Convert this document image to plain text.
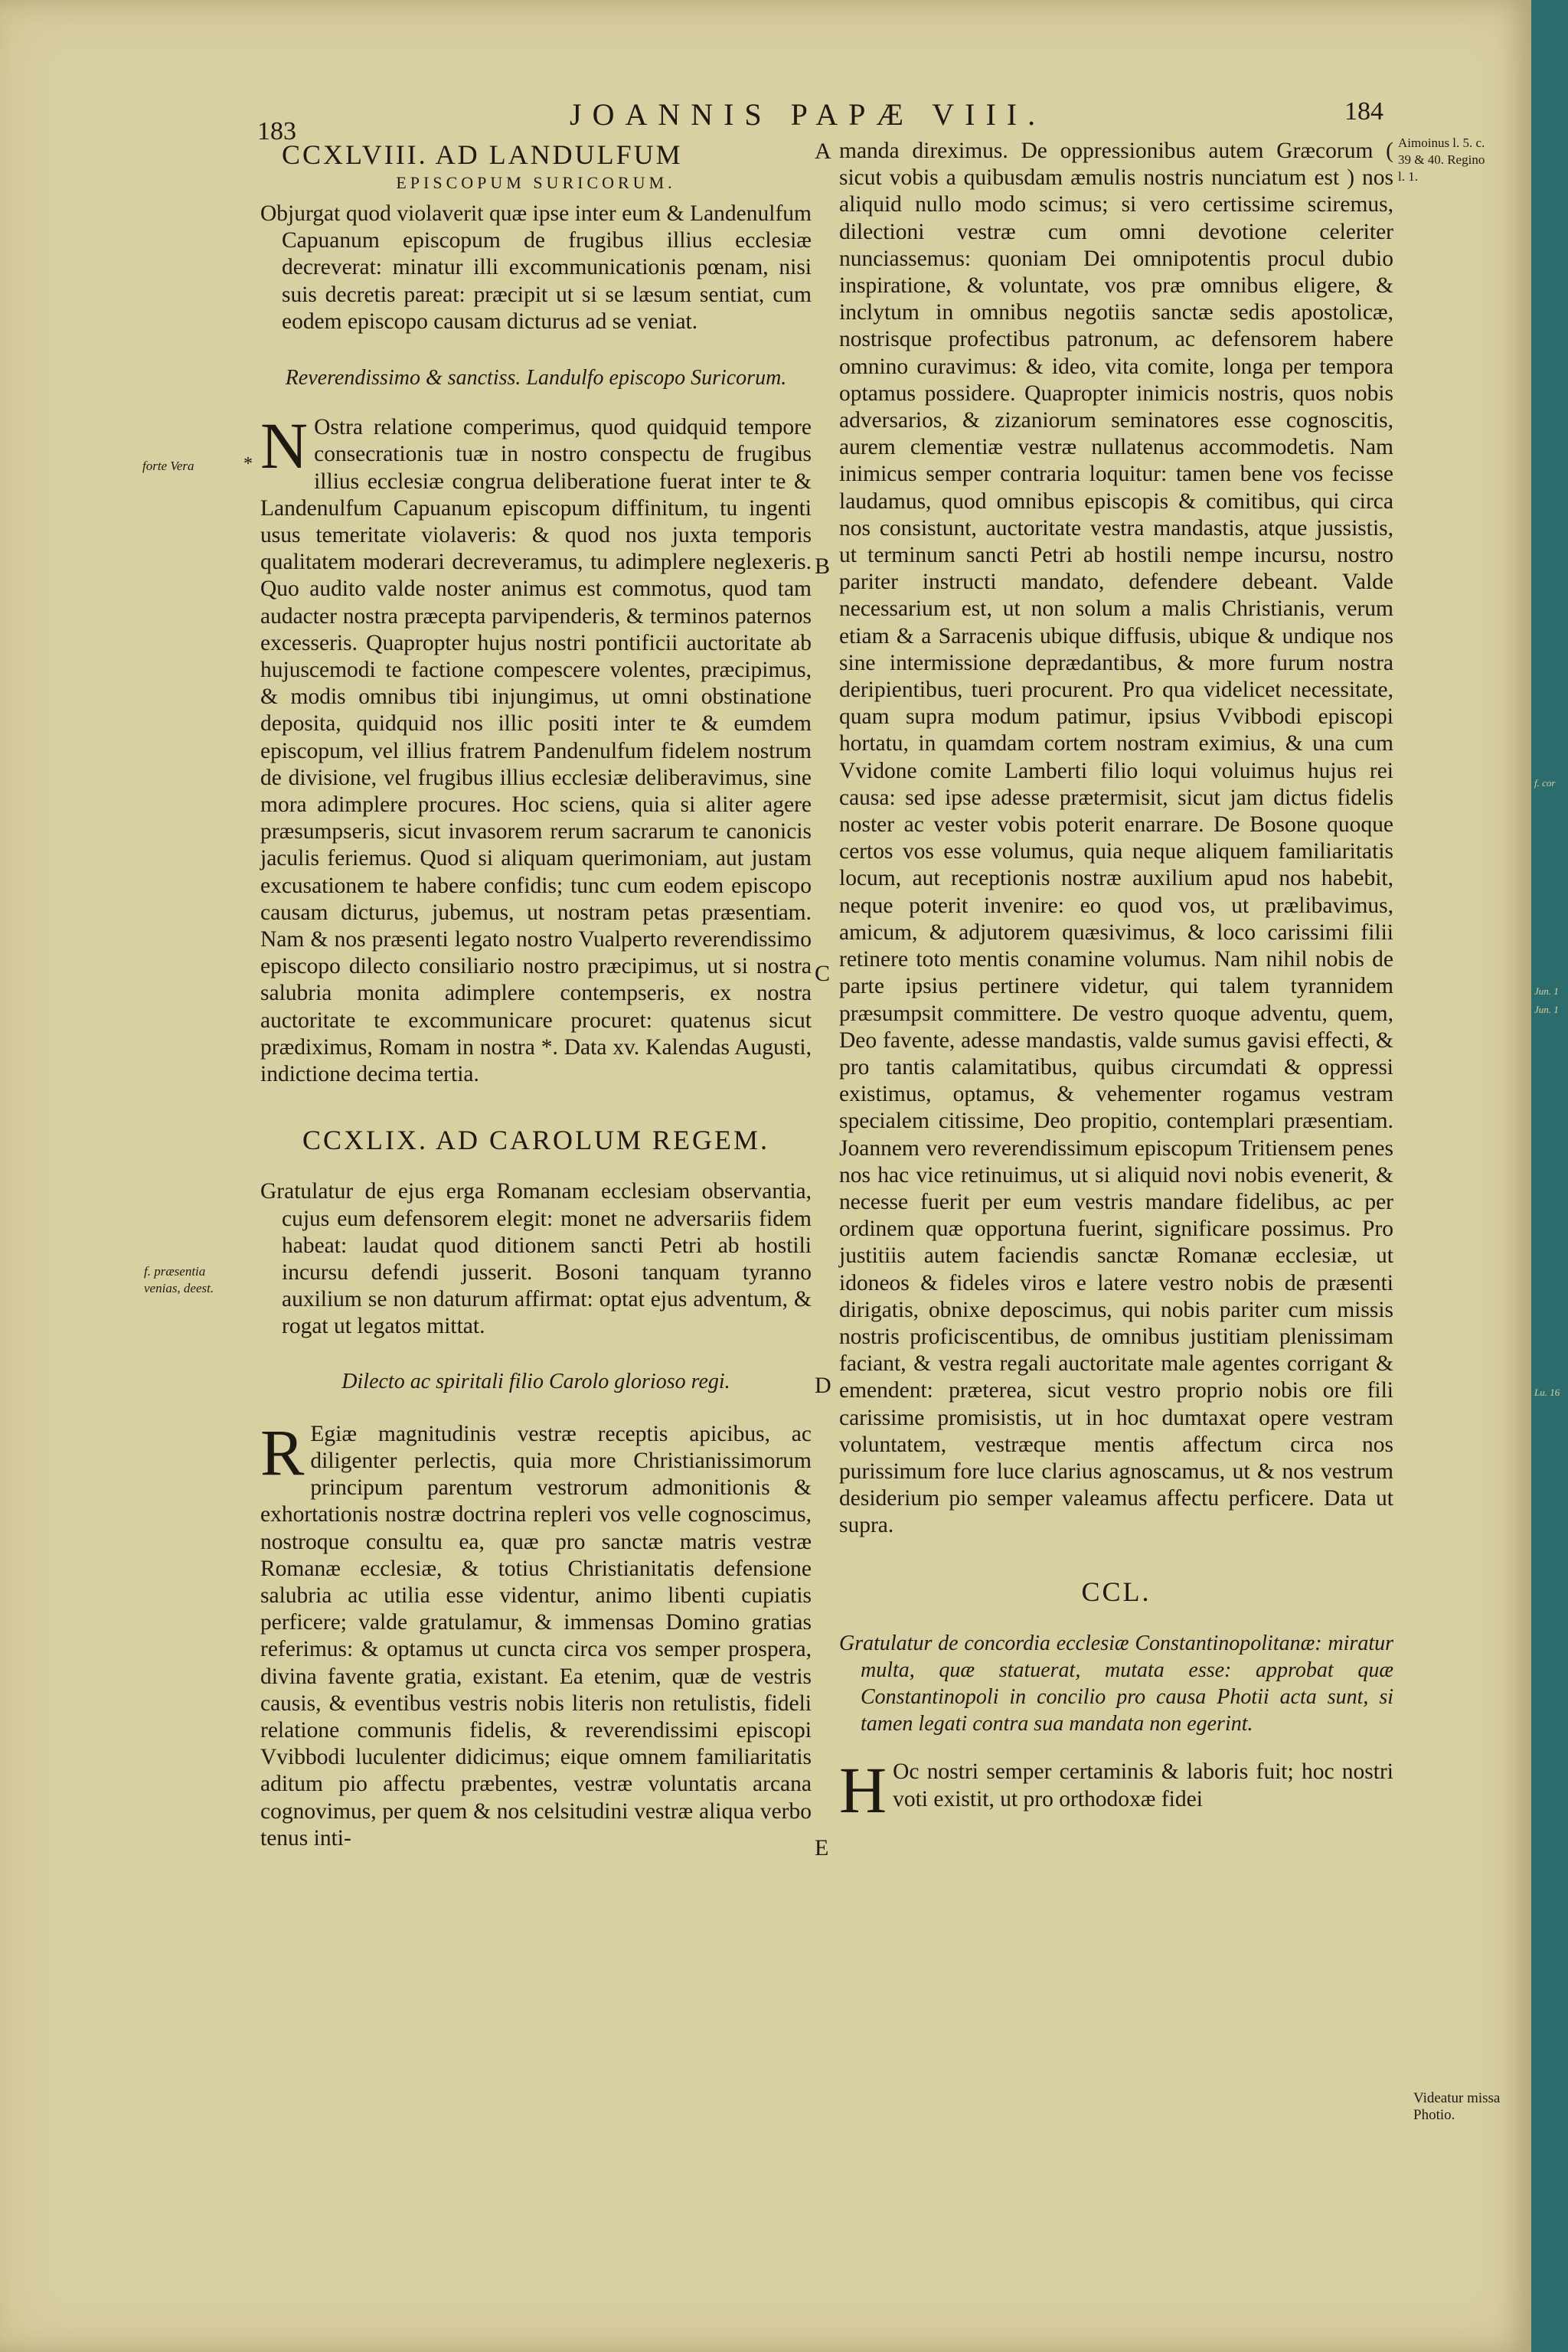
183	JOANNIS PAPÆ VIII.	184
CCXLVIII. AD LANDULFUM
EPISCOPUM SURICORUM.

Objurgat quod violaverit quæ ipse inter eum & Landenulfum Capuanum episcopum de frugibus illius ecclesiæ decreverat: minatur illi excommunicationis pœnam, nisi suis decretis pareat: præcipit ut si se læsum sentiat, cum eodem episcopo causam dicturus ad se veniat.

Reverendissimo & sanctiss. Landulfo episcopo Suricorum.

N Ostra relatione comperimus, quod quidquid tempore consecrationis tuæ in nostro conspectu de frugibus illius ecclesiæ congrua deliberatione fuerat inter te & Landenulfum Capuanum episcopum diffinitum, tu ingenti usus temeritate violaveris: & quod nos juxta temporis qualitatem moderari decreveramus, tu adimplere neglexeris. Quo audito valde noster animus est commotus, quod tam audacter nostra præcepta parvipenderis, & terminos paternos excesseris. Quapropter hujus nostri pontificii auctoritate ab hujuscemodi te factione compescere volentes, præcipimus, & modis omnibus tibi injungimus, ut omni obstinatione deposita, quidquid nos illic positi inter te & eumdem episcopum, vel illius fratrem Pandenulfum fidelem nostrum de divisione, vel frugibus illius ecclesiæ deliberavimus, sine mora adimplere procures. Hoc sciens, quia si aliter agere præsumpseris, sicut invasorem rerum sacrarum te canonicis jaculis feriemus. Quod si aliquam querimoniam, aut justam excusationem te habere confidis; tunc cum eodem episcopo causam dicturus, jubemus, ut nostram petas præsentiam. Nam & nos præsenti legato nostro Vualperto reverendissimo episcopo dilecto consiliario nostro præcipimus, ut si nostra salubria monita adimplere contempseris, ex nostra auctoritate te excommunicare procuret: quatenus sicut prædiximus, Romam in nostra *. Data xv. Kalendas Augusti, indictione decima tertia.

CCXLIX. AD CAROLUM REGEM.

Gratulatur de ejus erga Romanam ecclesiam observantia, cujus eum defensorem elegit: monet ne adversariis fidem habeat: laudat quod ditionem sancti Petri ab hostili incursu defendi jusserit. Bosoni tanquam tyranno auxilium se non daturum affirmat: optat ejus adventum, & rogat ut legatos mittat.

Dilecto ac spiritali filio Carolo glorioso regi.

R Egiæ magnitudinis vestræ receptis apicibus, ac diligenter perlectis, quia more Christianissimorum principum parentum vestrorum admonitionis & exhortationis nostræ doctrina repleri vos velle cognoscimus, nostroque consultu ea, quæ pro sanctæ matris vestræ Romanæ ecclesiæ, & totius Christianitatis defensione salubria ac utilia esse videntur, animo libenti cupiatis perficere; valde gratulamur, & immensas Domino gratias referimus: & optamus ut cuncta circa vos semper prospera, divina favente gratia, existant. Ea etenim, quæ de vestris causis, & eventibus vestris nobis literis non retulistis, fideli relatione communis fidelis, & reverendissimi episcopi Vvibbodi luculenter didicimus; eique omnem familiaritatis aditum pio affectu præbentes, vestræ voluntatis arcana cognovimus, per quem & nos celsitudini vestræ aliqua verbo tenus inti-

manda direximus. De oppressionibus autem Græcorum ( sicut vobis a quibusdam æmulis nostris nunciatum est ) nos aliquid nullo modo scimus; si vero certissime sciremus, dilectioni vestræ cum omni devotione celeriter nunciassemus: quoniam Dei omnipotentis procul dubio inspiratione, & voluntate, vos præ omnibus eligere, & inclytum in omnibus negotiis sanctæ sedis apostolicæ, nostrisque profectibus patronum, ac defensorem habere omnino curavimus: & ideo, vita comite, longa per tempora optamus possidere. Quapropter inimicis nostris, quos nobis adversarios, & zizaniorum seminatores esse cognoscitis, aurem clementiæ vestræ nullatenus accommodetis. Nam inimicus semper contraria loquitur: tamen bene vos fecisse laudamus, quod omnibus episcopis & comitibus, qui circa nos consistunt, auctoritate vestra mandastis, atque jussistis, ut terminum sancti Petri ab hostili nempe incursu, nostro pariter instructi mandato, defendere debeant. Valde necessarium est, ut non solum a malis Christianis, verum etiam & a Sarracenis ubique diffusis, ubique & undique nos sine intermissione deprædantibus, & more furum nostra deripientibus, tueri procurent. Pro qua videlicet necessitate, quam supra modum patimur, ipsius Vvibbodi episcopi hortatu, in quamdam cortem nostram eximius, & una cum Vvidone comite Lamberti filio loqui voluimus hujus rei causa: sed ipse adesse prætermisit, sicut jam dictus fidelis noster ac vester vobis poterit enarrare. De Bosone quoque certos vos esse volumus, quia neque aliquem familiaritatis locum, aut receptionis nostræ auxilium apud nos habebit, neque poterit invenire: eo quod vos, ut prælibavimus, amicum, & adjutorem quæsivimus, & loco carissimi filii retinere toto mentis conamine volumus. Nam nihil nobis de parte ipsius pertinere videtur, qui talem tyrannidem præsumpsit committere. De vestro quoque adventu, quem, Deo favente, adesse mandastis, valde sumus gavisi effecti, & pro tantis calamitatibus, quibus circumdati & oppressi existimus, optamus, & vehementer rogamus vestram specialem citissime, Deo propitio, contemplari præsentiam. Joannem vero reverendissimum episcopum Tritiensem penes nos hac vice retinuimus, ut si aliquid novi nobis evenerit, & necesse fuerit per eum vestris mandare fidelibus, ac per ordinem quæ opportuna fuerint, significare possimus. Pro justitiis autem faciendis sanctæ Romanæ ecclesiæ, ut idoneos & fideles viros e latere vestro nobis de præsenti dirigatis, obnixe deposcimus, qui nobis pariter cum missis nostris proficiscentibus, de omnibus justitiam plenissimam faciant, & vestra regali auctoritate male agentes corrigant & emendent: præterea, sicut vestro proprio nobis ore fili carissime promisistis, ut in hoc dumtaxat opere vestram voluntatem, vestræque mentis affectum circa nos purissimum fore luce clarius agnoscamus, ut & nos vestrum desiderium pio semper valeamus affectu perficere. Data ut supra.

CCL.

Gratulatur de concordia ecclesiæ Constantinopolitanæ: miratur multa, quæ statuerat, mutata esse: approbat quæ Constantinopoli in concilio pro causa Photii acta sunt, si tamen legati contra sua mandata non egerint.

H Oc nostri semper certaminis & laboris fuit; hoc nostri voti existit, ut pro orthodoxæ fidei

A
B
C
D
E
forte Vera	*
f. præsentia venias, deest.
Aimoinus l. 5. c. 39 & 40. Regino l. 1.
Videatur missa Photio.
f. cor
Jun. 1
Jun. 1
Lu. 16
